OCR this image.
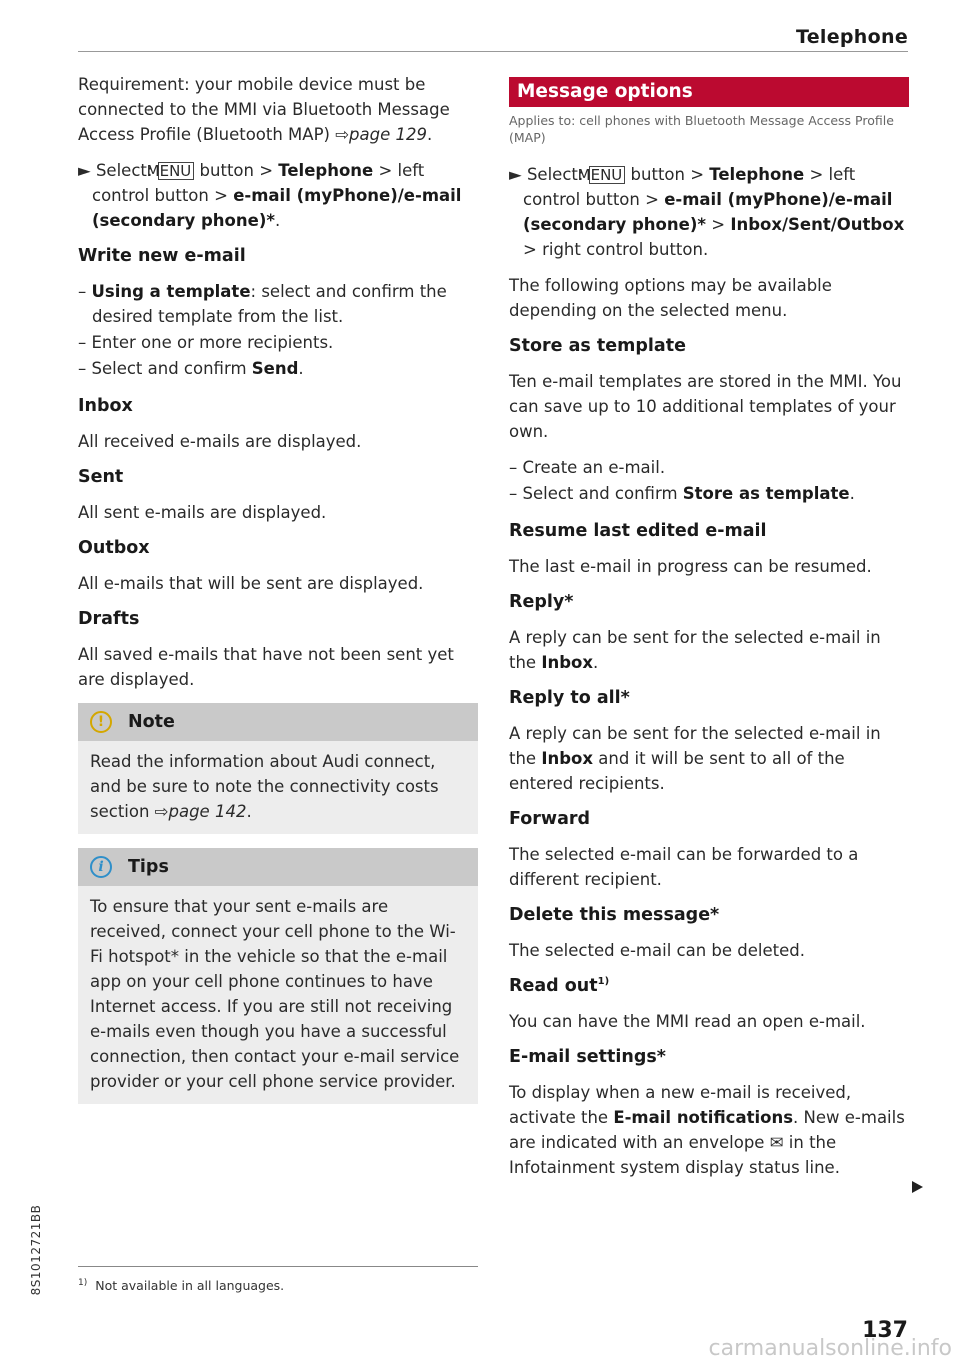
Telephone

Requirement: your mobile device must be connected to the MMI via Bluetooth Message Access Profile (Bluetooth MAP) ⇨page 129.

► Select: MENU button > Telephone > left control button > e-mail (myPhone)/e-mail (secondary phone)*.

Write new e-mail
– Using a template: select and confirm the desired template from the list.
– Enter one or more recipients.
– Select and confirm Send.
Inbox

All received e-mails are displayed.

Sent

All sent e-mails are displayed.

Outbox

All e-mails that will be sent are displayed.

Drafts

All saved e-mails that have not been sent yet are displayed.

!	Note
Read the information about Audi connect, and be sure to note the connectivity costs section ⇨page 142.
i	Tips
To ensure that your sent e-mails are received, connect your cell phone to the Wi-Fi hotspot* in the vehicle so that the e-mail app on your cell phone continues to have Internet access. If you are still not receiving e-mails even though you have a successful connection, then contact your e-mail service provider or your cell phone service provider.
Message options
Applies to: cell phones with Bluetooth Message Access Profile (MAP)

► Select: MENU button > Telephone > left control button > e-mail (myPhone)/e-mail (secondary phone)* > Inbox/Sent/Outbox > right control button.

The following options may be available depending on the selected menu.

Store as template

Ten e-mail templates are stored in the MMI. You can save up to 10 additional templates of your own.

– Create an e-mail.
– Select and confirm Store as template.
Resume last edited e-mail

The last e-mail in progress can be resumed.

Reply*

A reply can be sent for the selected e-mail in the Inbox.

Reply to all*

A reply can be sent for the selected e-mail in the Inbox and it will be sent to all of the entered recipients.

Forward

The selected e-mail can be forwarded to a different recipient.

Delete this message*

The selected e-mail can be deleted.

Read out$^{1)}$

You can have the MMI read an open e-mail.

E-mail settings*

To display when a new e-mail is received, activate the E-mail notifications. New e-mails are indicated with an envelope ✉ in the Infotainment system display status line.

$^{1)}$ Not available in all languages.
8S1012721BB
137
carmanualsonline.info
